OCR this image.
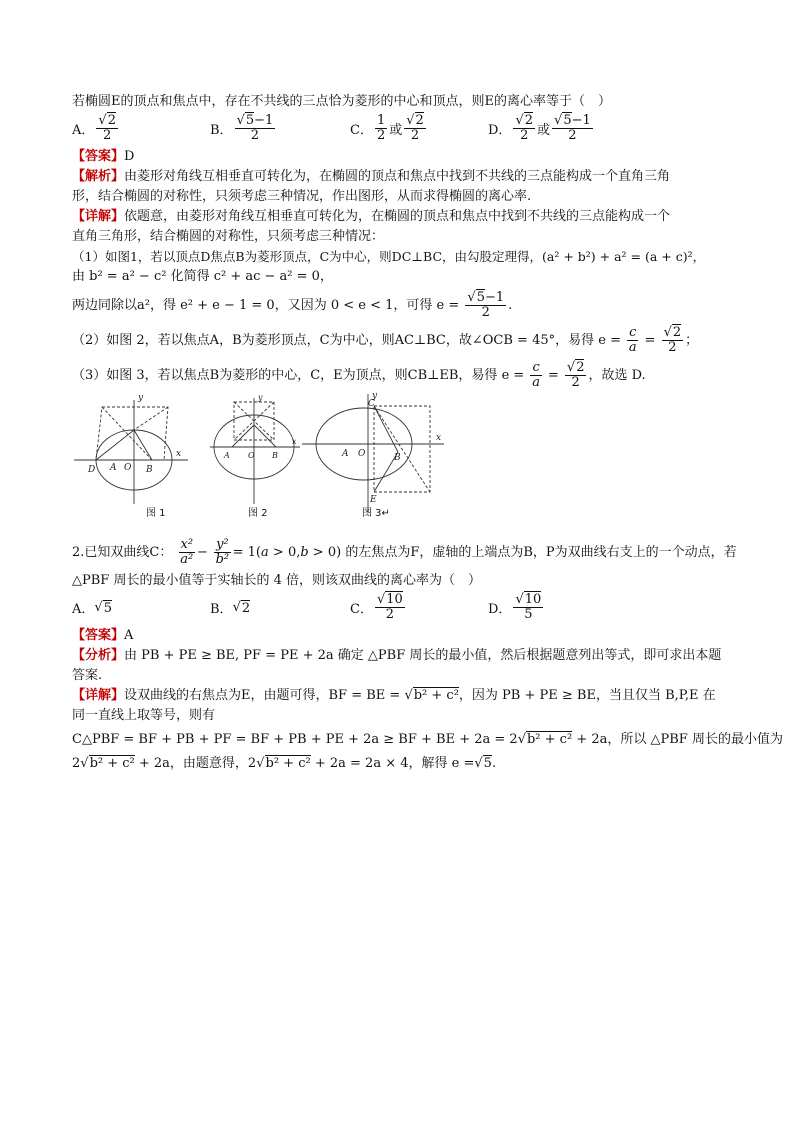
若椭圆E的顶点和焦点中，存在不共线的三点恰为菱形的中心和顶点，则E的离心率等于（　）
A． $\frac{√2}{2}$	B． $\frac{√5-1}{2}$	C． $\frac{1}{2}$ 或 $\frac{√2}{2}$	D． $\frac{√2}{2}$ 或 $\frac{√5-1}{2}$
【答案】D
【解析】由菱形对角线互相垂直可转化为，在椭圆的顶点和焦点中找到不共线的三点能构成一个直角三角
形，结合椭圆的对称性，只须考虑三种情况，作出图形，从而求得椭圆的离心率.
【详解】依题意，由菱形对角线互相垂直可转化为，在椭圆的顶点和焦点中找到不共线的三点能构成一个
直角三角形，结合椭圆的对称性，只须考虑三种情况：
（1）如图1，若以顶点D焦点B为菱形顶点，C为中心，则DC⊥BC，由勾股定理得，(a² + b²) + a² = (a + c)²，
由 b² = a² − c² 化简得 c² + ac − a² = 0，
两边同除以a²，得 e² + e − 1 = 0，又因为 0 < e < 1，可得 $e = \frac{√5-1}{2}$ .
（2）如图 2，若以焦点A，B为菱形顶点，C为中心，则AC⊥BC，故∠OCB = 45°，易得 $e = \frac{c}{a} = \frac{√2}{2}$ ；
（3）如图 3，若以焦点B为菱形的中心，C，E为顶点，则CB⊥EB，易得 $e = \frac{c}{a} = \frac{√2}{2}$ ，故选 D.
D A O B
y
x	A O B
y
x
C
A O	B
E
y
x
图 1	图 2	图 3↵
2.已知双曲线C： $\frac{\text{x²}}{\text{a²}} - \frac{\text{y²}}{\text{b²}} = 1(a > 0,b > 0)$ 的左焦点为F，虚轴的上端点为B，P为双曲线右支上的一个动点，若
△PBF 周长的最小值等于实轴长的 4 倍，则该双曲线的离心率为（　）
A． √ 5	B． √ 2	C． $\frac{√10}{2}$	D． $\frac{√10}{5}$
【答案】A
【分析】由 PB + PE ≥ BE, PF = PE + 2a 确定 △PBF 周长的最小值，然后根据题意列出等式，即可求出本题
答案.
【详解】设双曲线的右焦点为E，由题可得，BF = BE = √b² + c²，因为 PB + PE ≥ BE，当且仅当 B,P,E 在
同一直线上取等号，则有
C△PBF = BF + PB + PF = BF + PB + PE + 2a ≥ BF + BE + 2a = 2√b² + c² + 2a，所以 △PBF 周长的最小值为
2√b² + c² + 2a，由题意得，2√b² + c² + 2a = 2a × 4，解得 e =√5.
